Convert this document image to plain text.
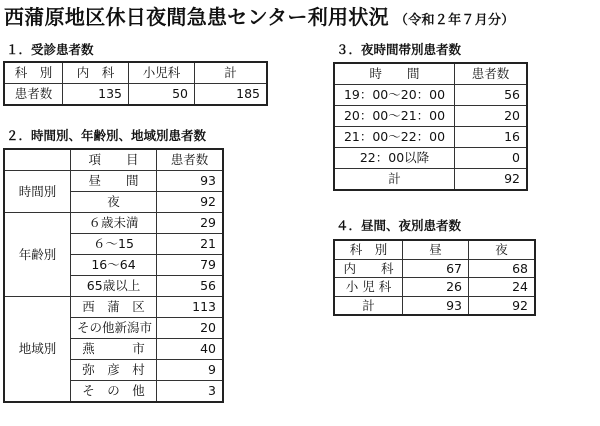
西蒲原地区休日夜間急患センター利用状況 （令和２年７月分）
１．受診患者数
科　別	内　科	小児科	計
患者数	135	50	185
２．時間別、年齢別、地域別患者数
	項　　目	患者数
時間別	昼　　間	93
	夜	92
年齢別	６歳未満	29
	６～15	21
	16～64	79
	65歳以上	56
地域別	西　蒲　区	113
	その他新潟市	20
	燕　　　市	40
	弥　彦　村	9
	そ　の　他	3
３．夜時間帯別患者数
時　　間	患者数
19：00～20：00	56
20：00～21：00	20
21：00～22：00	16
22：00以降	0
計	92
４．昼間、夜別患者数
科　別	昼	夜
内　　科	67	68
小 児 科	26	24
計	93	92
